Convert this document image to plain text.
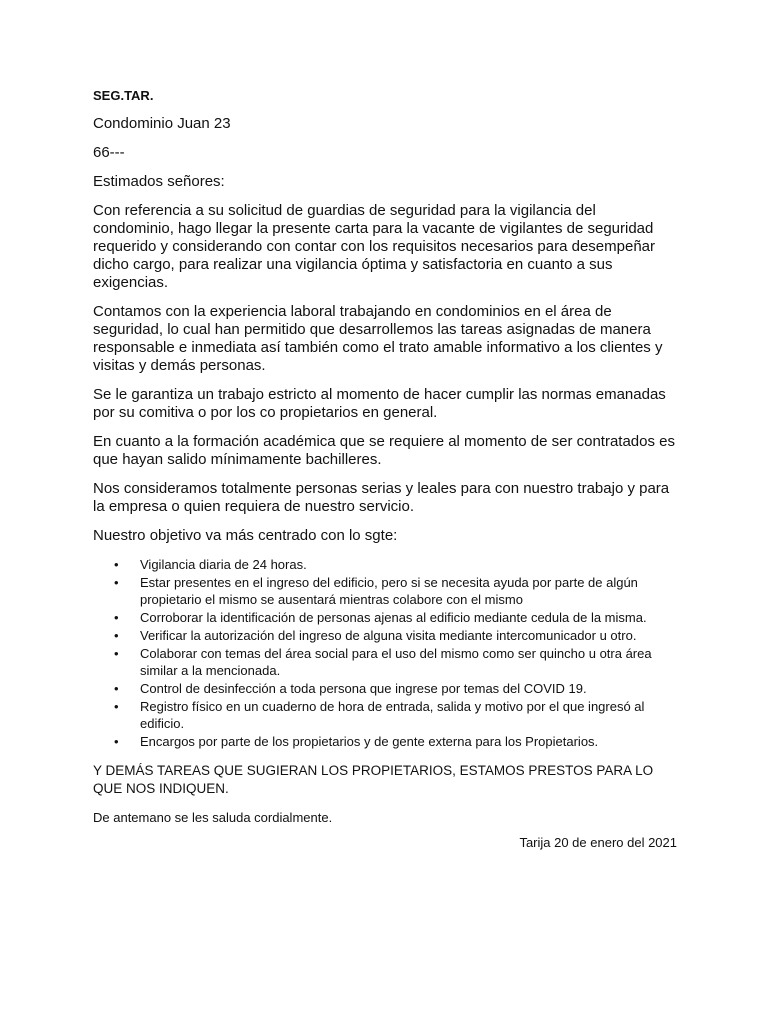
SEG.TAR.
Condominio Juan 23
66---
Estimados señores:
Con referencia a su solicitud de guardias de seguridad para la vigilancia del condominio, hago llegar la presente carta para la vacante de vigilantes de seguridad requerido y considerando con contar con los requisitos necesarios para desempeñar dicho cargo, para realizar una vigilancia óptima y satisfactoria en cuanto a sus exigencias.
Contamos con la experiencia laboral trabajando en condominios en el área de seguridad, lo cual han permitido que desarrollemos las tareas asignadas de manera responsable e inmediata así también como el trato amable informativo a los clientes y visitas y demás personas.
Se le garantiza un trabajo estricto al momento de hacer cumplir las normas emanadas por su comitiva o por los co propietarios en general.
En cuanto a la formación académica que se requiere al momento de ser contratados es que hayan salido mínimamente bachilleres.
Nos consideramos totalmente personas serias y leales para con nuestro trabajo y para la empresa o quien requiera de nuestro servicio.
Nuestro objetivo va más centrado con lo sgte:
• Vigilancia diaria de 24 horas.
• Estar presentes en el ingreso del edificio, pero si se necesita ayuda por parte de algún propietario el mismo se ausentará mientras colabore con el mismo
• Corroborar la identificación de personas ajenas al edificio mediante cedula de la misma.
• Verificar la autorización del ingreso de alguna visita mediante intercomunicador u otro.
• Colaborar con temas del área social para el uso del mismo como ser quincho u otra área similar a la mencionada.
• Control de desinfección a toda persona que ingrese por temas del COVID 19.
• Registro físico en un cuaderno de hora de entrada, salida y motivo por el que ingresó al edificio.
• Encargos por parte de los propietarios y de gente externa para los Propietarios.
Y DEMÁS TAREAS QUE SUGIERAN LOS PROPIETARIOS, ESTAMOS PRESTOS PARA LO QUE NOS INDIQUEN.
De antemano se les saluda cordialmente.
Tarija 20 de enero del 2021
